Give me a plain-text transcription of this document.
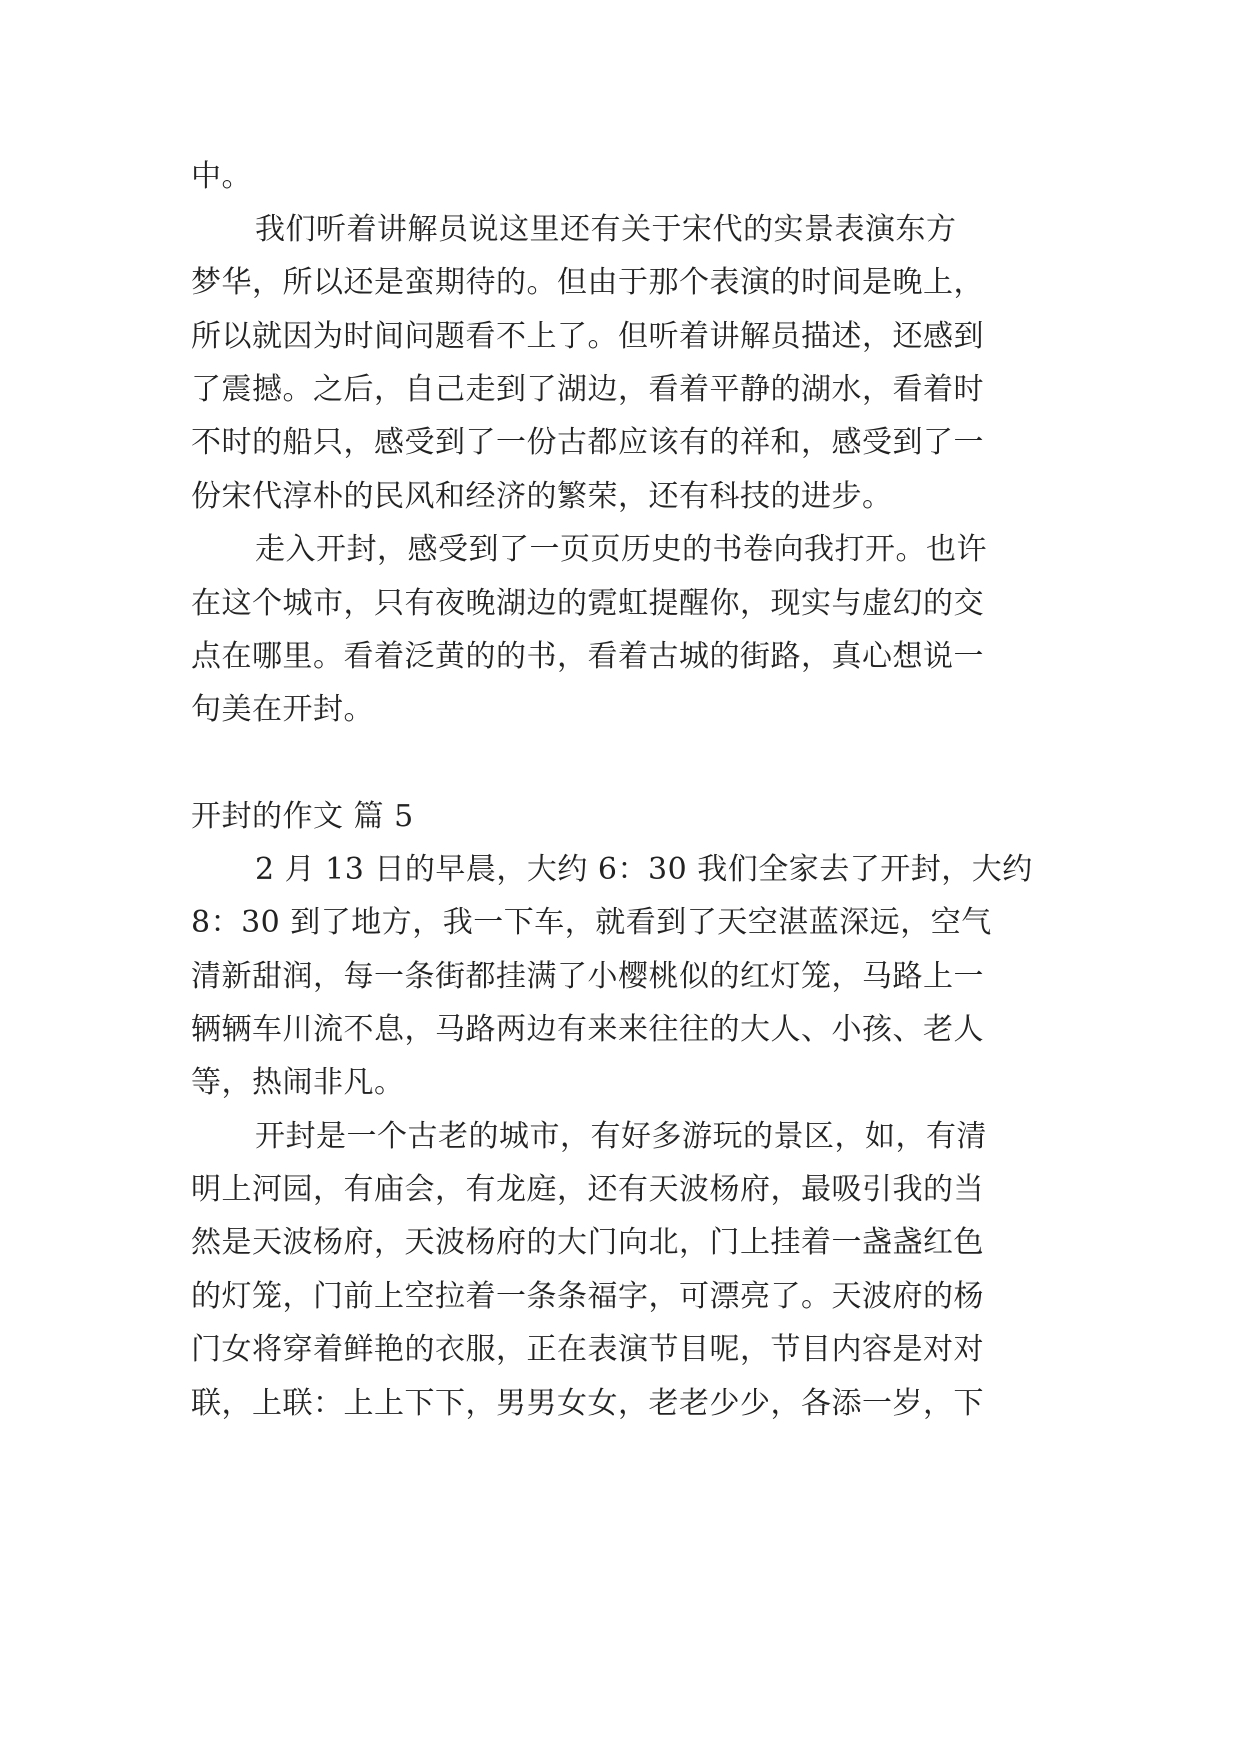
中。
我们听着讲解员说这里还有关于宋代的实景表演东方
梦华，所以还是蛮期待的。但由于那个表演的时间是晚上，
所以就因为时间问题看不上了。但听着讲解员描述，还感到
了震撼。之后，自己走到了湖边，看着平静的湖水，看着时
不时的船只，感受到了一份古都应该有的祥和，感受到了一
份宋代淳朴的民风和经济的繁荣，还有科技的进步。
走入开封，感受到了一页页历史的书卷向我打开。也许
在这个城市，只有夜晚湖边的霓虹提醒你，现实与虚幻的交
点在哪里。看着泛黄的的书，看着古城的街路，真心想说一
句美在开封。
开封的作文 篇 5
2 月 13 日的早晨，大约 6：30 我们全家去了开封，大约
8：30 到了地方，我一下车，就看到了天空湛蓝深远，空气
清新甜润，每一条街都挂满了小樱桃似的红灯笼，马路上一
辆辆车川流不息，马路两边有来来往往的大人、小孩、老人
等，热闹非凡。
开封是一个古老的城市，有好多游玩的景区，如，有清
明上河园，有庙会，有龙庭，还有天波杨府，最吸引我的当
然是天波杨府，天波杨府的大门向北，门上挂着一盏盏红色
的灯笼，门前上空拉着一条条福字，可漂亮了。天波府的杨
门女将穿着鲜艳的衣服，正在表演节目呢，节目内容是对对
联，上联：上上下下，男男女女，老老少少，各添一岁，下
